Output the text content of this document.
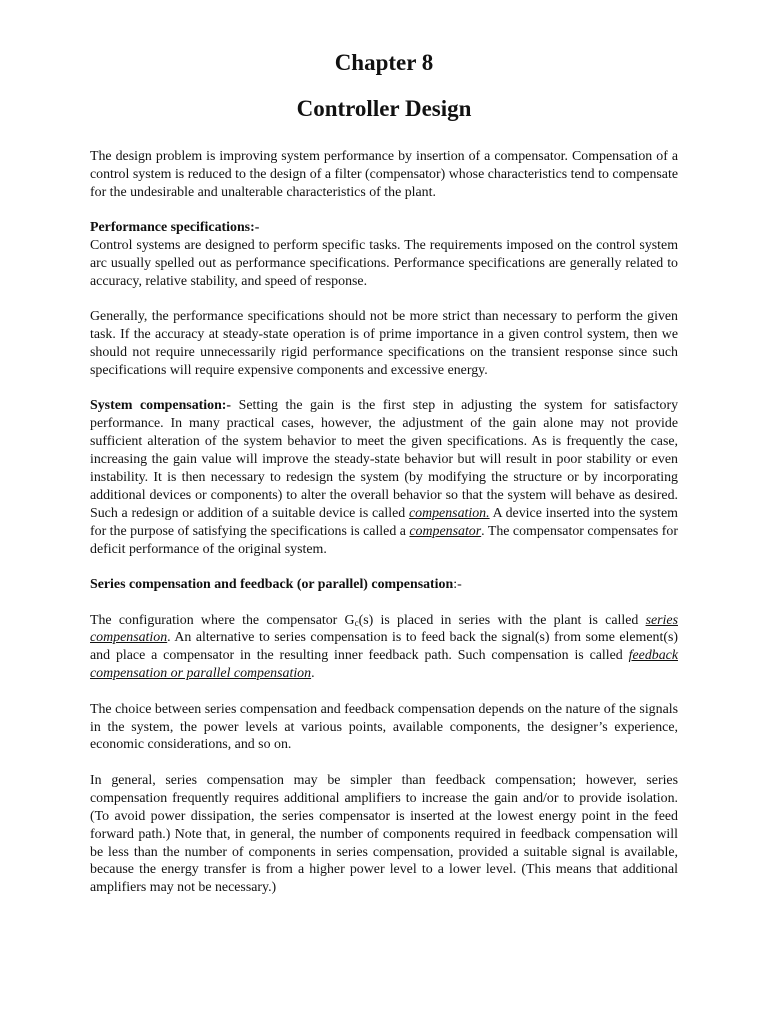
Chapter 8
Controller Design

The design problem is improving system performance by insertion of a compensator. Compensation of a control system is reduced to the design of a filter (compensator) whose characteristics tend to compensate for the undesirable and unalterable characteristics of the plant.

Performance specifications:-

Control systems are designed to perform specific tasks. The requirements imposed on the control system arc usually spelled out as performance specifications. Performance specifications are generally related to accuracy, relative stability, and speed of response.

Generally, the performance specifications should not be more strict than necessary to perform the given task. If the accuracy at steady-state operation is of prime importance in a given control system, then we should not require unnecessarily rigid performance specifications on the transient response since such specifications will require expensive components and excessive energy.

System compensation:- Setting the gain is the first step in adjusting the system for satisfactory performance. In many practical cases, however, the adjustment of the gain alone may not provide sufficient alteration of the system behavior to meet the given specifications. As is frequently the case, increasing the gain value will improve the steady-state behavior but will result in poor stability or even instability. It is then necessary to redesign the system (by modifying the structure or by incorporating additional devices or components) to alter the overall behavior so that the system will behave as desired. Such a redesign or addition of a suitable device is called compensation. A device inserted into the system for the purpose of satisfying the specifications is called a compensator. The compensator compensates for deficit performance of the original system.

Series compensation and feedback (or parallel) compensation:-

The configuration where the compensator $G_c(s)$ is placed in series with the plant is called series compensation. An alternative to series compensation is to feed back the signal(s) from some element(s) and place a compensator in the resulting inner feedback path. Such compensation is called feedback compensation or parallel compensation.

The choice between series compensation and feedback compensation depends on the nature of the signals in the system, the power levels at various points, available components, the designer’s experience, economic considerations, and so on.

In general, series compensation may be simpler than feedback compensation; however, series compensation frequently requires additional amplifiers to increase the gain and/or to provide isolation. (To avoid power dissipation, the series compensator is inserted at the lowest energy point in the feed forward path.) Note that, in general, the number of components required in feedback compensation will be less than the number of components in series compensation, provided a suitable signal is available, because the energy transfer is from a higher power level to a lower level. (This means that additional amplifiers may not be necessary.)
